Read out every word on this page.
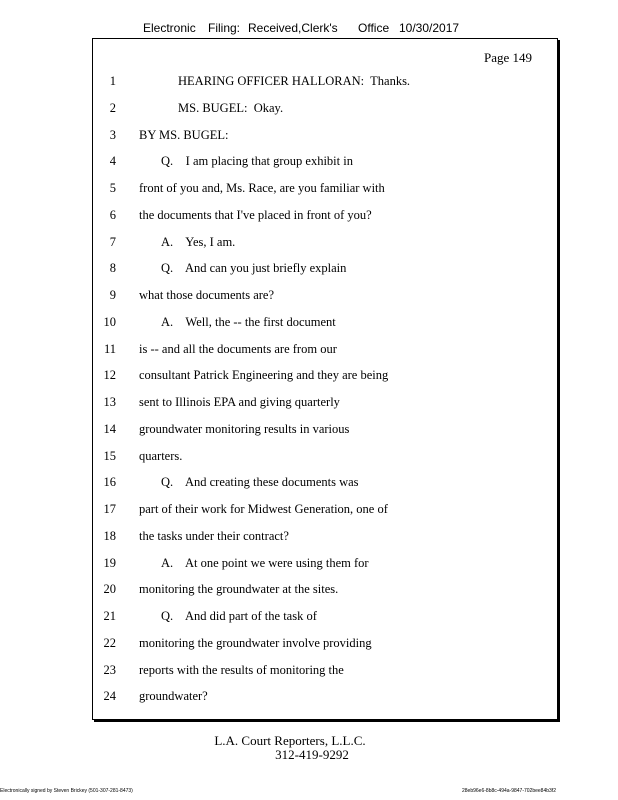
Electronic Filing: Received,Clerk's Office 10/30/2017
Page 149
1	HEARING OFFICER HALLORAN:  Thanks.
2	MS. BUGEL:  Okay.
3 BY MS. BUGEL:
4	Q.    I am placing that group exhibit in
5 front of you and, Ms. Race, are you familiar with
6 the documents that I've placed in front of you?
7	A.    Yes, I am.
8	Q.    And can you just briefly explain
9 what those documents are?
10	A.    Well, the -- the first document
11 is -- and all the documents are from our
12 consultant Patrick Engineering and they are being
13 sent to Illinois EPA and giving quarterly
14 groundwater monitoring results in various
15 quarters.
16	Q.    And creating these documents was
17 part of their work for Midwest Generation, one of
18 the tasks under their contract?
19	A.    At one point we were using them for
20 monitoring the groundwater at the sites.
21	Q.    And did part of the task of
22 monitoring the groundwater involve providing
23 reports with the results of monitoring the
24 groundwater?
L.A. Court Reporters, L.L.C.
312-419-9292
Electronically signed by Steven Brickey (501-307-281-8473)	28eb96e6-8b8c-494a-9847-702bee84b3f2
